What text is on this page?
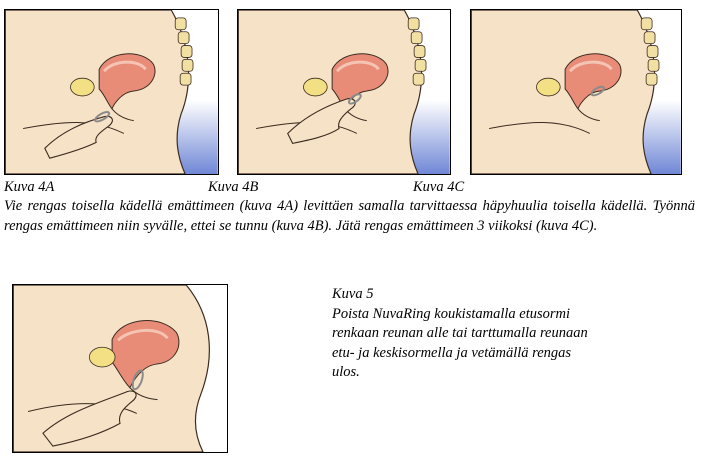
Kuva 4A	Kuva 4B	Kuva 4C
Vie rengas toisella kädellä emättimeen (kuva 4A) levittäen samalla tarvittaessa häpyhuulia toisella kädellä. Työnnä rengas emättimeen niin syvälle, ettei se tunnu (kuva 4B). Jätä rengas emättimeen 3 viikoksi (kuva 4C).
Kuva 5
Poista NuvaRing koukistamalla etusormi
renkaan reunan alle tai tarttumalla reunaan
etu- ja keskisormella ja vetämällä rengas
ulos.
